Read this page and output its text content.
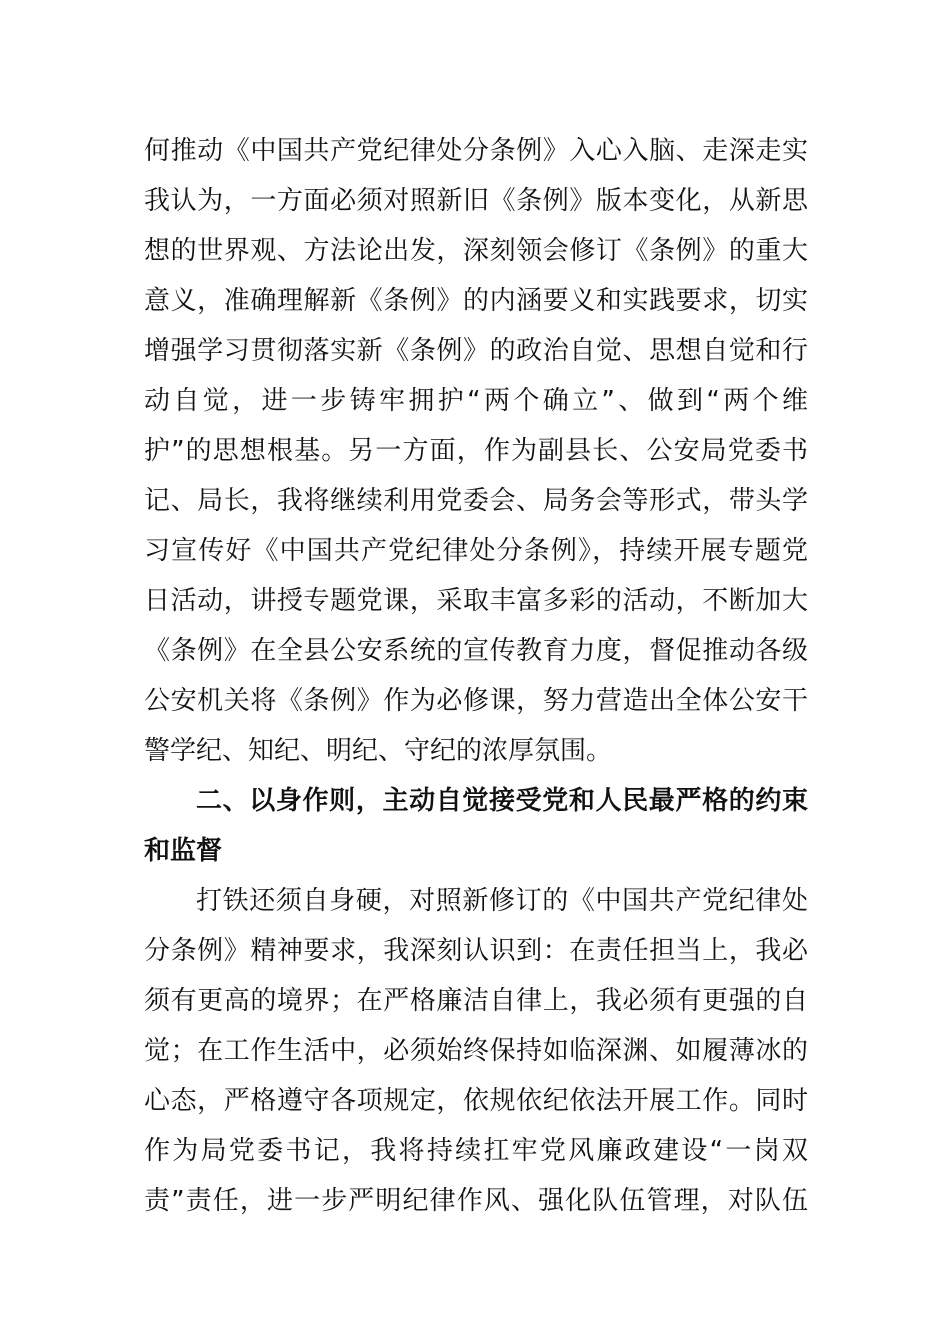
何推动《中国共产党纪律处分条例》入心入脑、走深走实
我认为，一方面必须对照新旧《条例》版本变化，从新思
想的世界观、方法论出发，深刻领会修订《条例》的重大
意义，准确理解新《条例》的内涵要义和实践要求，切实
增强学习贯彻落实新《条例》的政治自觉、思想自觉和行
动自觉，进一步铸牢拥护“两个确立”、做到“两个维
护”的思想根基。另一方面，作为副县长、公安局党委书
记、局长，我将继续利用党委会、局务会等形式，带头学
习宣传好《中国共产党纪律处分条例》，持续开展专题党
日活动，讲授专题党课，采取丰富多彩的活动，不断加大
《条例》在全县公安系统的宣传教育力度，督促推动各级
公安机关将《条例》作为必修课，努力营造出全体公安干
警学纪、知纪、明纪、守纪的浓厚氛围。
二、以身作则，主动自觉接受党和人民最严格的约束
和监督
打铁还须自身硬，对照新修订的《中国共产党纪律处
分条例》精神要求，我深刻认识到：在责任担当上，我必
须有更高的境界；在严格廉洁自律上，我必须有更强的自
觉；在工作生活中，必须始终保持如临深渊、如履薄冰的
心态，严格遵守各项规定，依规依纪依法开展工作。同时
作为局党委书记，我将持续扛牢党风廉政建设“一岗双
责”责任，进一步严明纪律作风、强化队伍管理，对队伍
